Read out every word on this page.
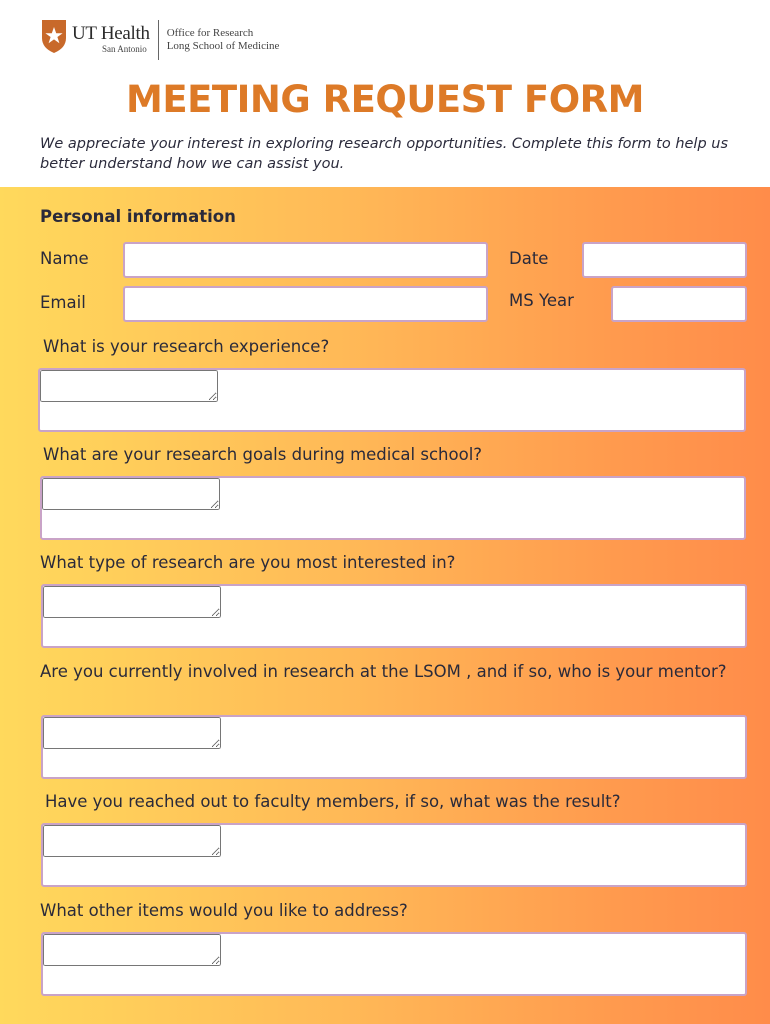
UT Health
San Antonio
Office for Research
Long School of Medicine
MEETING REQUEST FORM

We appreciate your interest in exploring research opportunities. Complete this form to help us better understand how we can assist you.

Personal information
Name	Date
Email	MS Year
What is your research experience?
What are your research goals during medical school?
What type of research are you most interested in?
Are you currently involved in research at the LSOM , and if so, who is your mentor?
Have you reached out to faculty members, if so, what was the result?
What other items would you like to address?
